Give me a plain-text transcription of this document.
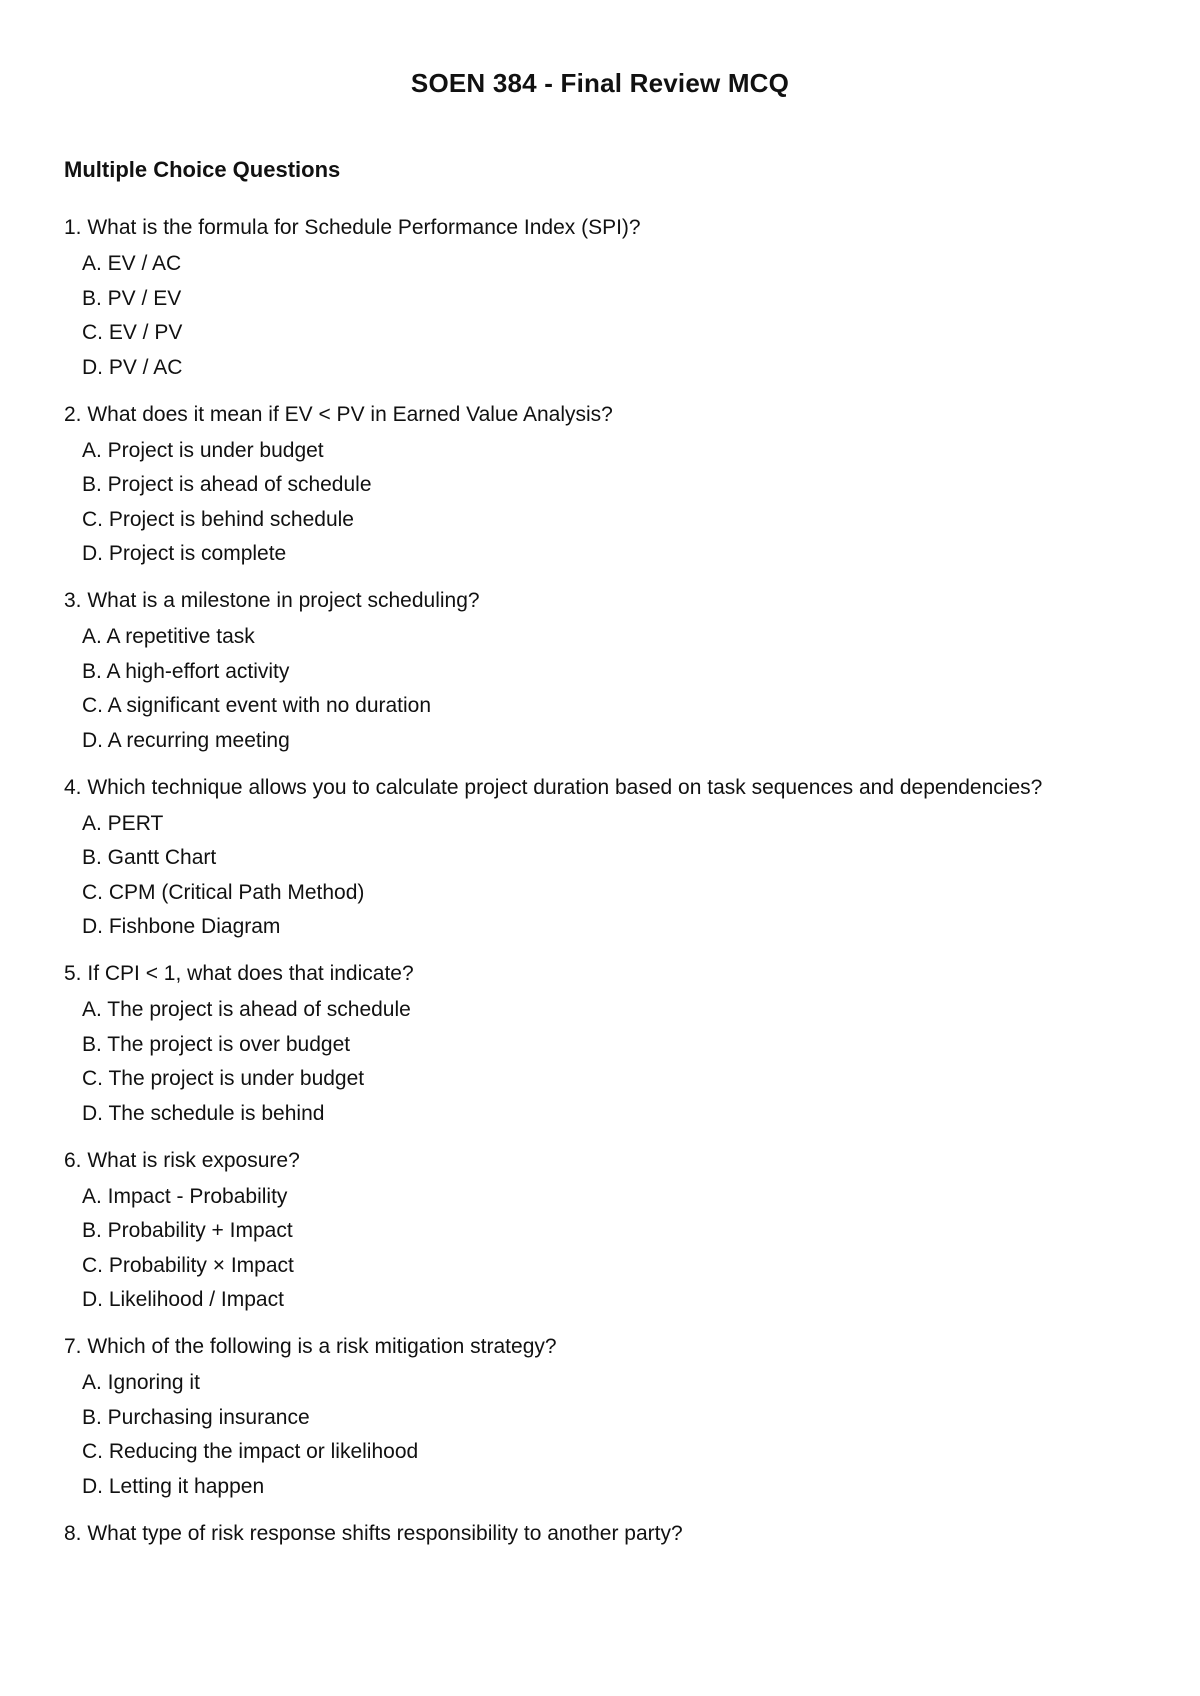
SOEN 384 - Final Review MCQ
Multiple Choice Questions

1. What is the formula for Schedule Performance Index (SPI)?

A. EV / AC
B. PV / EV
C. EV / PV
D. PV / AC

2. What does it mean if EV < PV in Earned Value Analysis?

A. Project is under budget
B. Project is ahead of schedule
C. Project is behind schedule
D. Project is complete

3. What is a milestone in project scheduling?

A. A repetitive task
B. A high-effort activity
C. A significant event with no duration
D. A recurring meeting

4. Which technique allows you to calculate project duration based on task sequences and dependencies?

A. PERT
B. Gantt Chart
C. CPM (Critical Path Method)
D. Fishbone Diagram

5. If CPI < 1, what does that indicate?

A. The project is ahead of schedule
B. The project is over budget
C. The project is under budget
D. The schedule is behind

6. What is risk exposure?

A. Impact - Probability
B. Probability + Impact
C. Probability × Impact
D. Likelihood / Impact

7. Which of the following is a risk mitigation strategy?

A. Ignoring it
B. Purchasing insurance
C. Reducing the impact or likelihood
D. Letting it happen

8. What type of risk response shifts responsibility to another party?
